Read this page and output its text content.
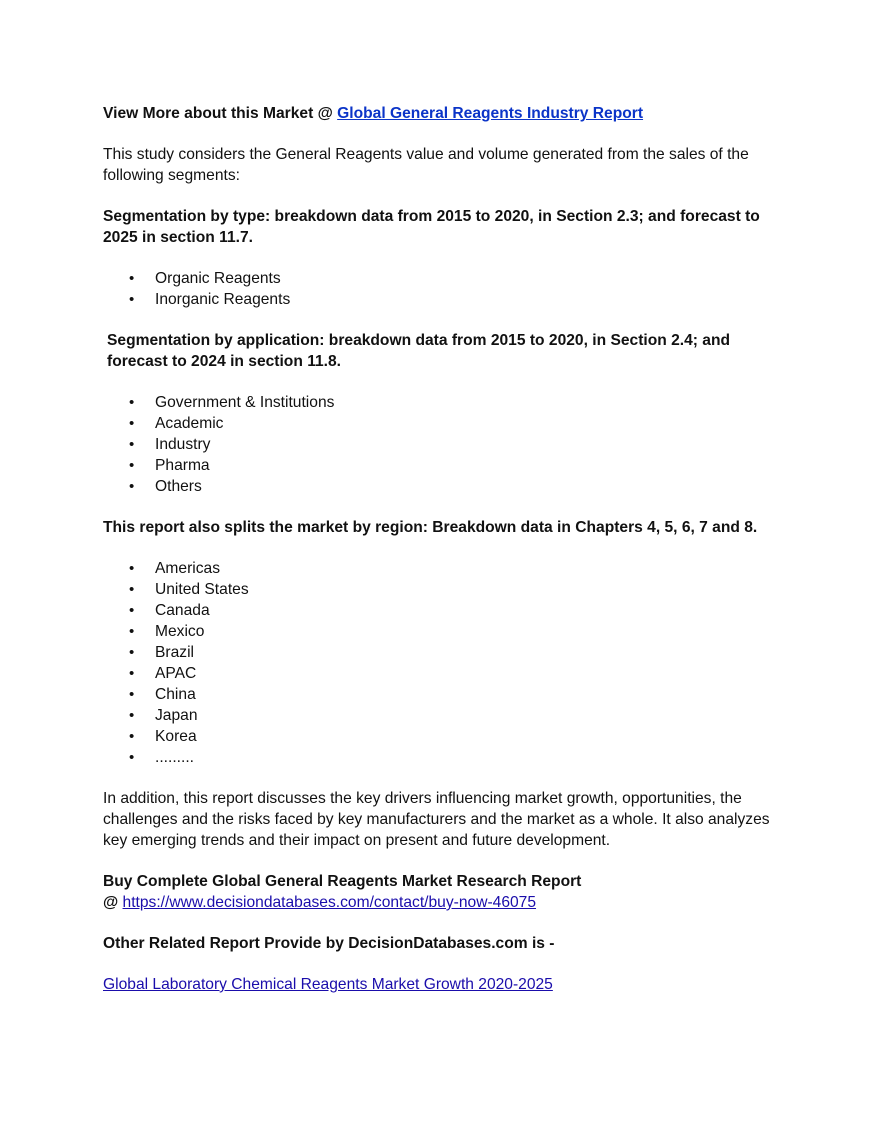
View More about this Market @ Global General Reagents Industry Report

This study considers the General Reagents value and volume generated from the sales of the following segments:

Segmentation by type: breakdown data from 2015 to 2020, in Section 2.3; and forecast to 2025 in section 11.7.

• Organic Reagents
• Inorganic Reagents

Segmentation by application: breakdown data from 2015 to 2020, in Section 2.4; and forecast to 2024 in section 11.8.

• Government & Institutions
• Academic
• Industry
• Pharma
• Others

This report also splits the market by region: Breakdown data in Chapters 4, 5, 6, 7 and 8.

• Americas
• United States
• Canada
• Mexico
• Brazil
• APAC
• China
• Japan
• Korea
• .........

In addition, this report discusses the key drivers influencing market growth, opportunities, the challenges and the risks faced by key manufacturers and the market as a whole. It also analyzes key emerging trends and their impact on present and future development.

Buy Complete Global General Reagents Market Research Report

@ https://www.decisiondatabases.com/contact/buy-now-46075

Other Related Report Provide by DecisionDatabases.com is -

Global Laboratory Chemical Reagents Market Growth 2020-2025
